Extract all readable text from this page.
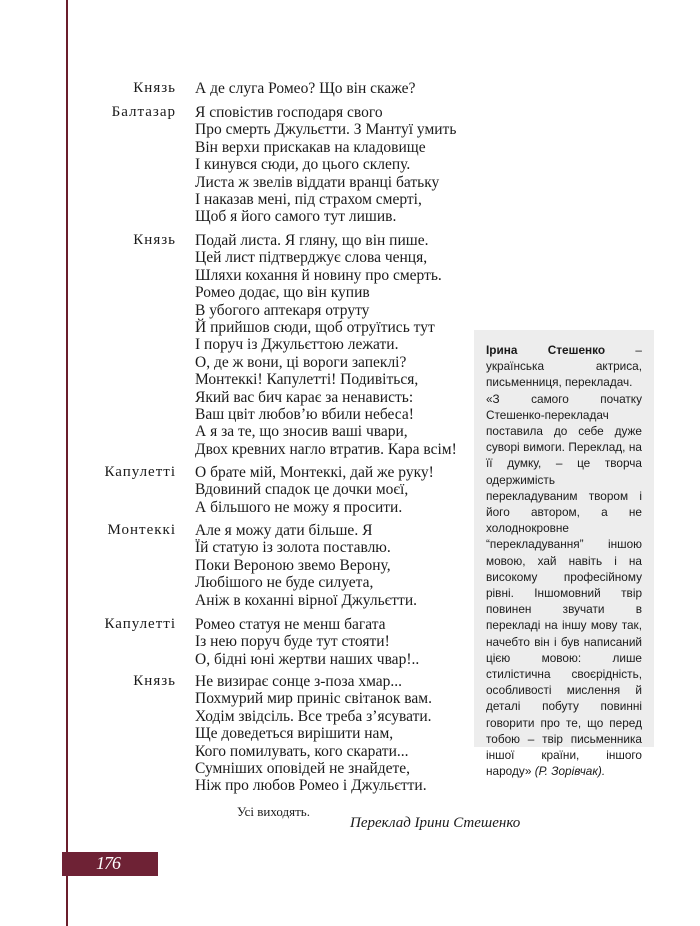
Князь А де слуга Ромео? Що він скаже?
Балтазар Я сповістив господаря свого
Про смерть Джульєтти. З Мантуї умить
Він верхи прискакав на кладовище
І кинувся сюди, до цього склепу.
Листа ж звелів віддати вранці батьку
І наказав мені, під страхом смерті,
Щоб я його самого тут лишив.
Князь Подай листа. Я гляну, що він пише.
Цей лист підтверджує слова ченця,
Шляхи кохання й новину про смерть.
Ромео додає, що він купив
В убогого аптекаря отруту
Й прийшов сюди, щоб отруїтись тут
І поруч із Джульєттою лежати.
О, де ж вони, ці вороги запеклі?
Монтеккі! Капулетті! Подивіться,
Який вас бич карає за ненависть:
Ваш цвіт любов’ю вбили небеса!
А я за те, що зносив ваші чвари,
Двох кревних нагло втратив. Кара всім!
Капулетті О брате мій, Монтеккі, дай же руку!
Вдовиний спадок це дочки моєї,
А більшого не можу я просити.
Монтеккі Але я можу дати більше. Я
Їй статую із золота поставлю.
Поки Вероною звемо Верону,
Любішого не буде силуета,
Аніж в коханні вірної Джульєтти.
Капулетті Ромео статуя не менш багата
Із нею поруч буде тут стояти!
О, бідні юні жертви наших чвар!..
Князь Не визирає сонце з-поза хмар...
Похмурий мир приніс світанок вам.
Ходім звідсіль. Все треба з’ясувати.
Ще доведеться вирішити нам,
Кого помилувать, кого скарати...
Сумніших оповідей не знайдете,
Ніж про любов Ромео і Джульєтти.
Усі виходять.
Переклад Ірини Стешенко

Ірина Стешенко – українська актриса, письменниця, перекладач.

«З самого початку Стешенко-перекладач поставила до себе дуже суворі вимоги. Переклад, на її думку, – це творча одержимість перекладуваним твором і його автором, а не холоднокровне “перекладування” іншою мовою, хай навіть і на високому професійному рівні. Іншомовний твір повинен звучати в перекладі на іншу мову так, начебто він і був написаний цією мовою: лише стилістична своєрідність, особливості мислення й деталі побуту повинні говорити про те, що перед тобою – твір письменника іншої країни, іншого народу» (Р. Зорівчак).

176
